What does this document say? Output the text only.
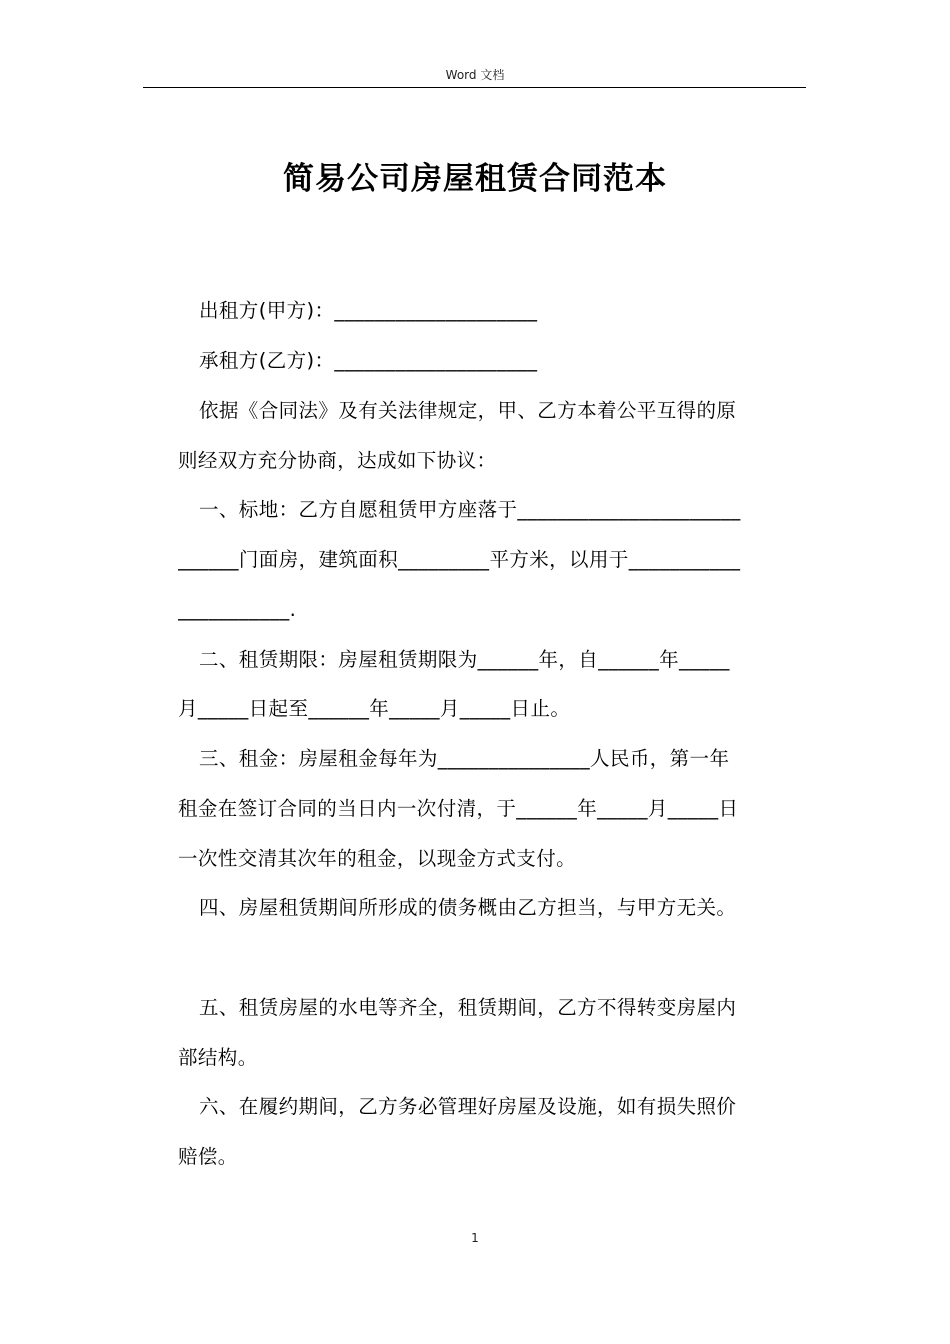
Word 文档
简易公司房屋租赁合同范本
出租方(甲方)：____________________
承租方(乙方)：____________________
依据《合同法》及有关法律规定，甲、乙方本着公平互得的原
则经双方充分协商，达成如下协议：
一、标地：乙方自愿租赁甲方座落于______________________
______门面房，建筑面积_________平方米，以用于___________
___________.
二、租赁期限：房屋租赁期限为______年，自______年_____
月_____日起至______年_____月_____日止。
三、租金：房屋租金每年为_______________人民币，第一年
租金在签订合同的当日内一次付清，于______年_____月_____日
一次性交清其次年的租金，以现金方式支付。
四、房屋租赁期间所形成的债务概由乙方担当，与甲方无关。
五、租赁房屋的水电等齐全，租赁期间，乙方不得转变房屋内
部结构。
六、在履约期间，乙方务必管理好房屋及设施，如有损失照价
赔偿。
1
